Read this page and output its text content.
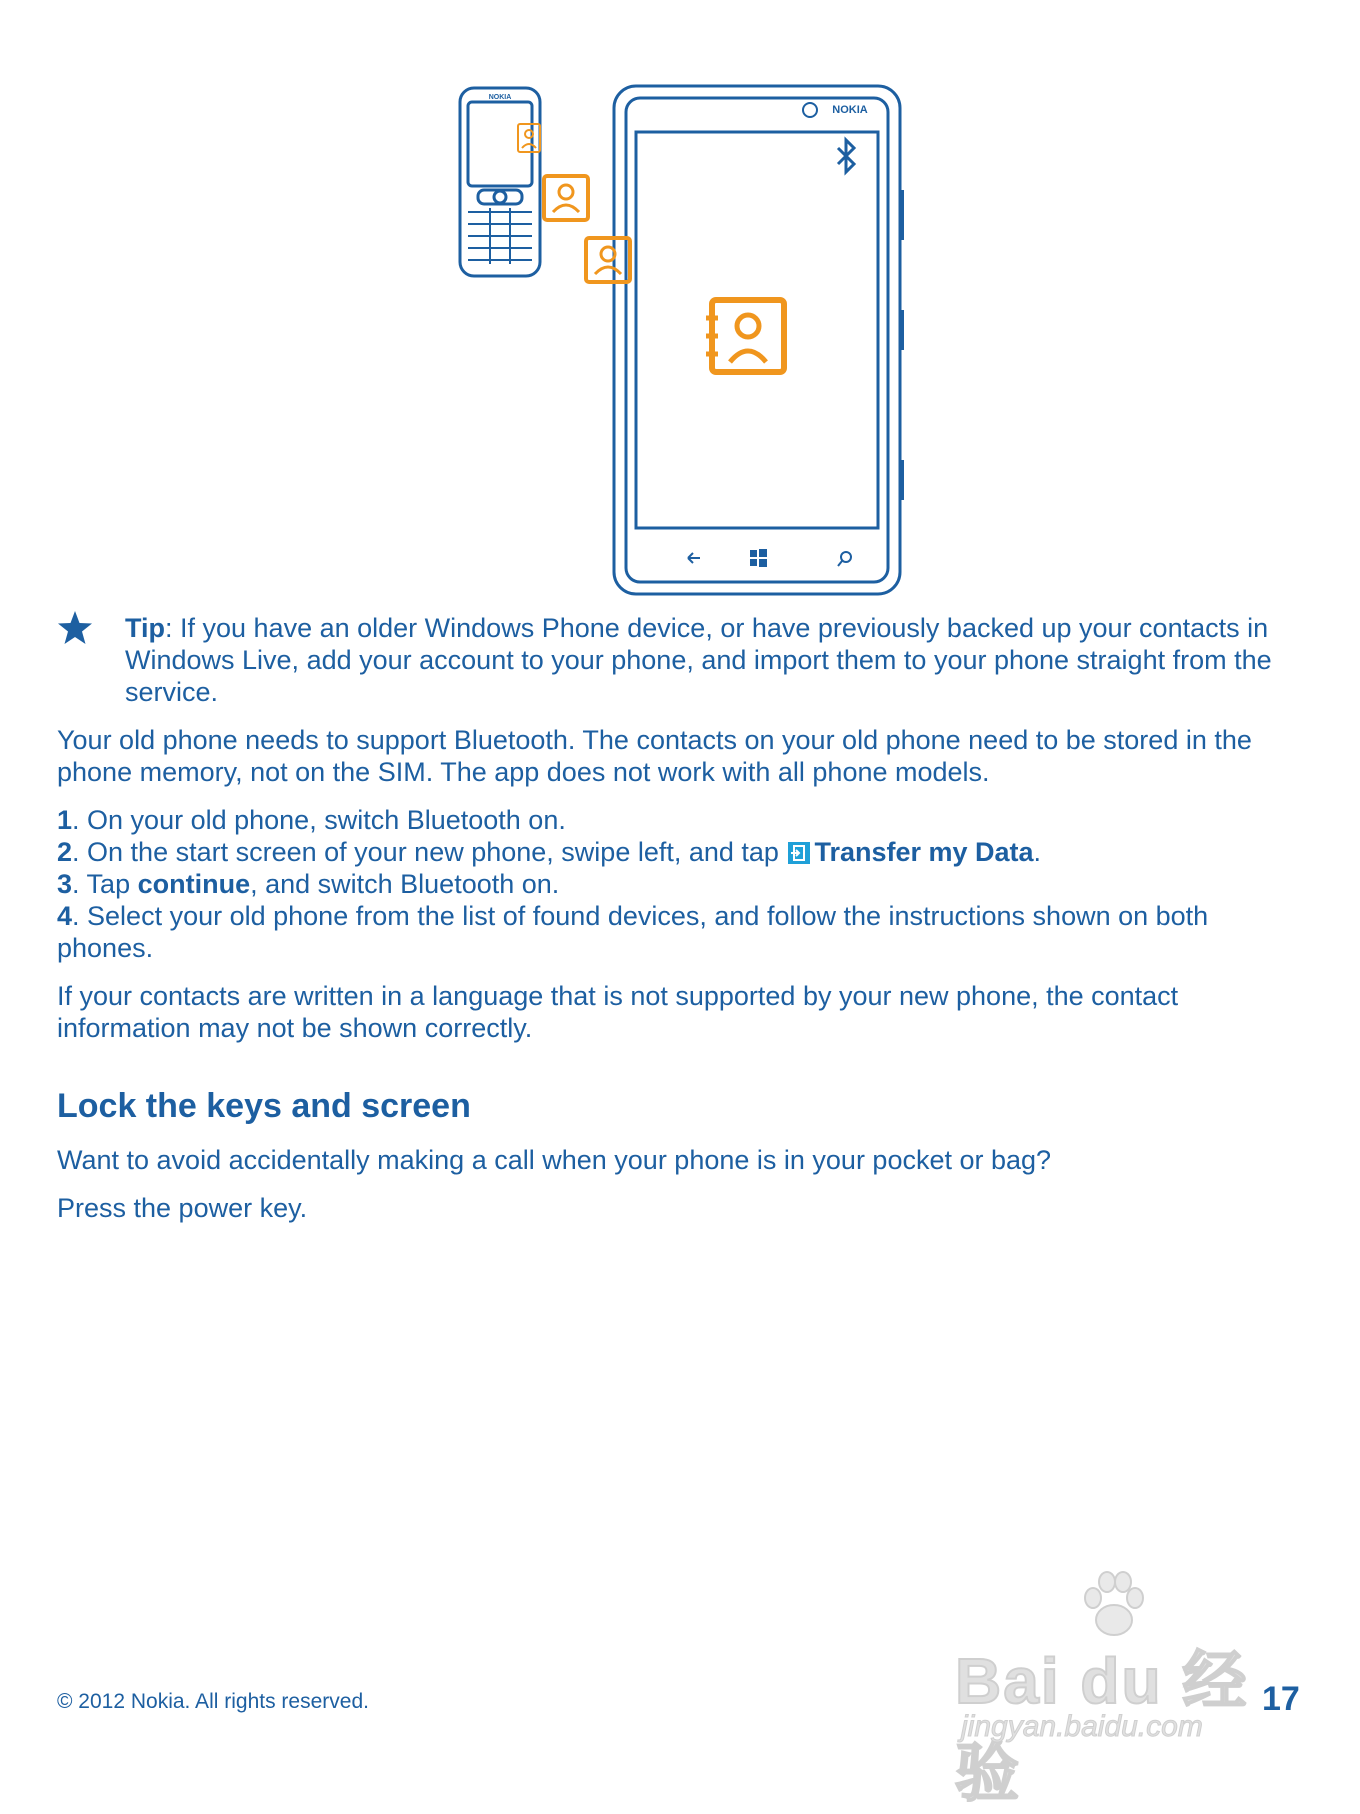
NOKIA
NOKIA
Tip: If you have an older Windows Phone device, or have previously backed up your contacts in Windows Live, add your account to your phone, and import them to your phone straight from the service.

Your old phone needs to support Bluetooth. The contacts on your old phone need to be stored in the phone memory, not on the SIM. The app does not work with all phone models.

1. On your old phone, switch Bluetooth on.
2. On the start screen of your new phone, swipe left, and tap Transfer my Data.
3. Tap continue, and switch Bluetooth on.
4. Select your old phone from the list of found devices, and follow the instructions shown on both phones.

If your contacts are written in a language that is not supported by your new phone, the contact information may not be shown correctly.

Lock the keys and screen

Want to avoid accidentally making a call when your phone is in your pocket or bag?

Press the power key.

Bai du 经验
jingyan.baidu.com
© 2012 Nokia. All rights reserved.	17
